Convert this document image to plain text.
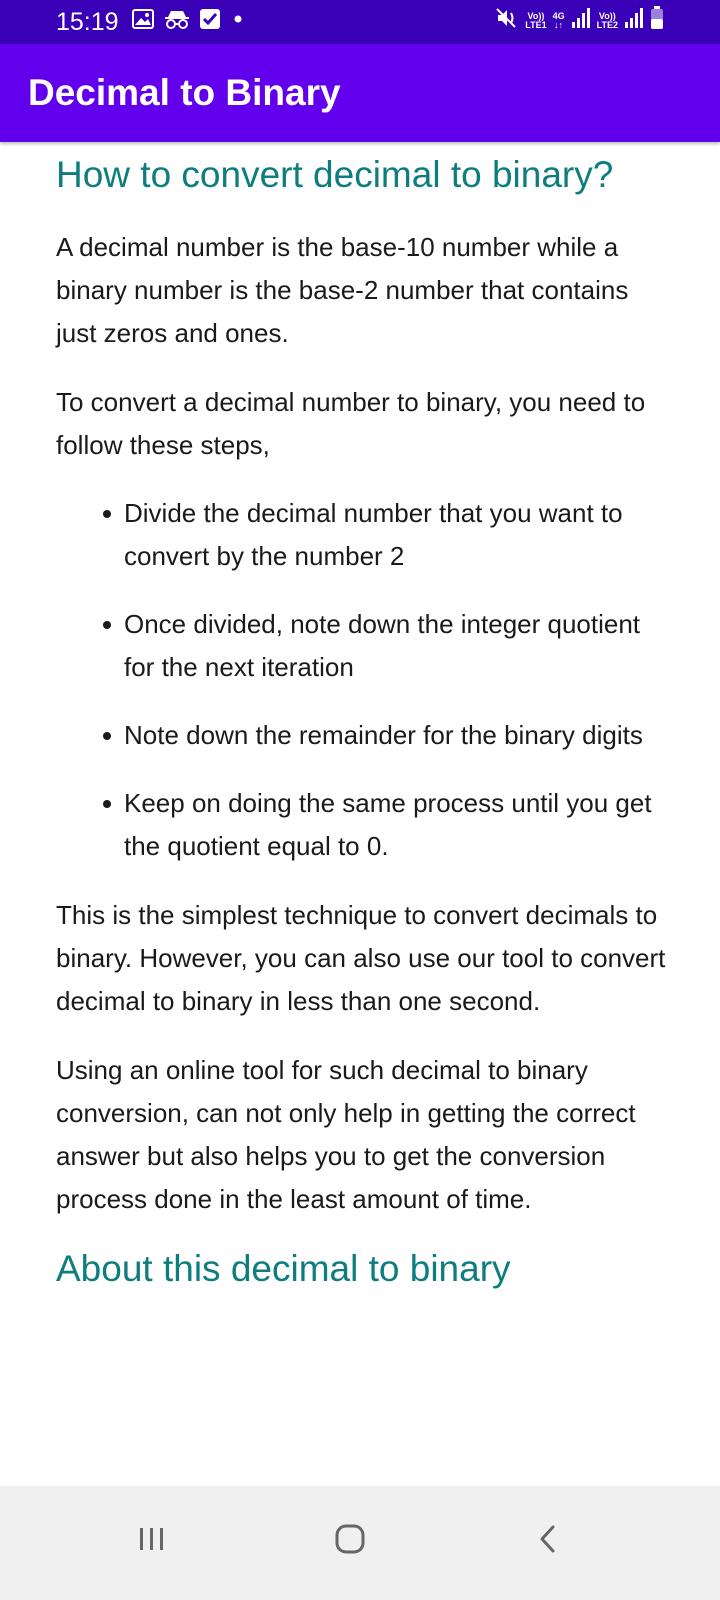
15:19	Vo))
LTE1
4G
↓↑
Vo))
LTE2
Decimal to Binary
How to convert decimal to binary?

A decimal number is the base-10 number while a binary number is the base-2 number that contains just zeros and ones.

To convert a decimal number to binary, you need to follow these steps,

Divide the decimal number that you want to convert by the number 2
Once divided, note down the integer quotient for the next iteration
Note down the remainder for the binary digits
Keep on doing the same process until you get the quotient equal to 0.

This is the simplest technique to convert decimals to binary. However, you can also use our tool to convert decimal to binary in less than one second.

Using an online tool for such decimal to binary conversion, can not only help in getting the correct answer but also helps you to get the conversion process done in the least amount of time.

About this decimal to binary
